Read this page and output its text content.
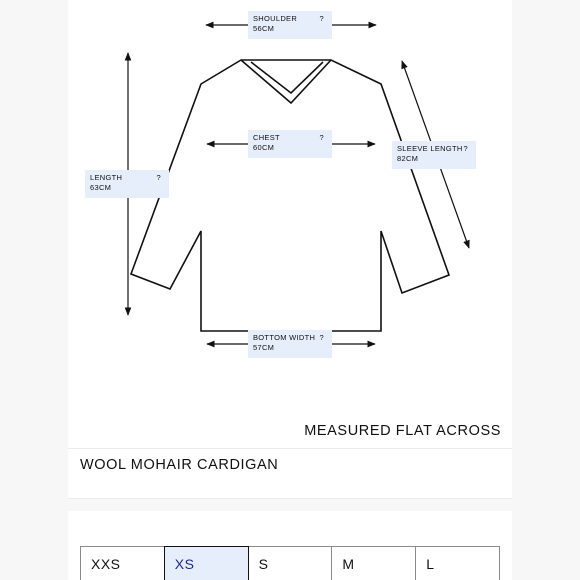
SHOULDER
56CM
?
CHEST
60CM
?
SLEEVE LENGTH
82CM
?
LENGTH
63CM
?
BOTTOM WIDTH
57CM
?
MEASURED FLAT ACROSS
WOOL MOHAIR CARDIGAN
XXS	XS	S	M	L
